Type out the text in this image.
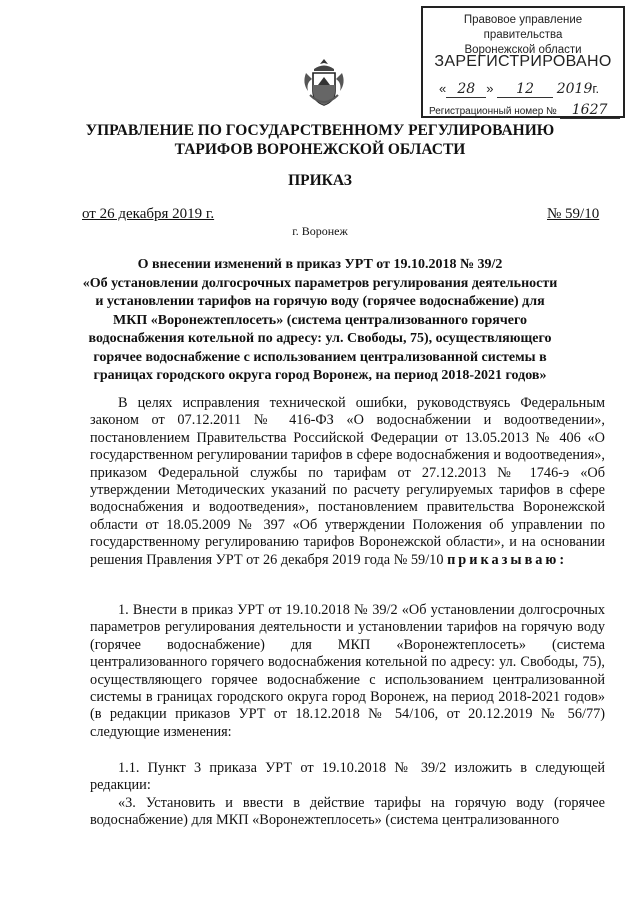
Правовое управление правительства
Воронежской области
ЗАРЕГИСТРИРОВАНО
« 28 » 12 2019г.
Регистрационный номер № 1627
УПРАВЛЕНИЕ ПО ГОСУДАРСТВЕННОМУ РЕГУЛИРОВАНИЮ
ТАРИФОВ ВОРОНЕЖСКОЙ ОБЛАСТИ
ПРИКАЗ
от 26 декабря 2019 г.	№ 59/10
г. Воронеж
О внесении изменений в приказ УРТ от 19.10.2018 № 39/2
«Об установлении долгосрочных параметров регулирования деятельности
и установлении тарифов на горячую воду (горячее водоснабжение) для
МКП «Воронежтеплосеть» (система централизованного горячего
водоснабжения котельной по адресу: ул. Свободы, 75), осуществляющего
горячее водоснабжение с использованием централизованной системы в
границах городского округа город Воронеж, на период 2018-2021 годов»

В целях исправления технической ошибки, руководствуясь Федеральным законом от 07.12.2011 № 416-ФЗ «О водоснабжении и водоотведении», постановлением Правительства Российской Федерации от 13.05.2013 № 406 «О государственном регулировании тарифов в сфере водоснабжения и водоотведения», приказом Федеральной службы по тарифам от 27.12.2013 № 1746-э «Об утверждении Методических указаний по расчету регулируемых тарифов в сфере водоснабжения и водоотведения», постановлением правительства Воронежской области от 18.05.2009 № 397 «Об утверждении Положения об управлении по государственному регулированию тарифов Воронежской области», и на основании решения Правления УРТ от 26 декабря 2019 года № 59/10 приказываю:

1. Внести в приказ УРТ от 19.10.2018 № 39/2 «Об установлении долгосрочных параметров регулирования деятельности и установлении тарифов на горячую воду (горячее водоснабжение) для МКП «Воронежтеплосеть» (система централизованного горячего водоснабжения котельной по адресу: ул. Свободы, 75), осуществляющего горячее водоснабжение с использованием централизованной системы в границах городского округа город Воронеж, на период 2018-2021 годов» (в редакции приказов УРТ от 18.12.2018 № 54/106, от 20.12.2019 № 56/77) следующие изменения:

1.1. Пункт 3 приказа УРТ от 19.10.2018 № 39/2 изложить в следующей редакции:

«3. Установить и ввести в действие тарифы на горячую воду (горячее водоснабжение) для МКП «Воронежтеплосеть» (система централизованного
